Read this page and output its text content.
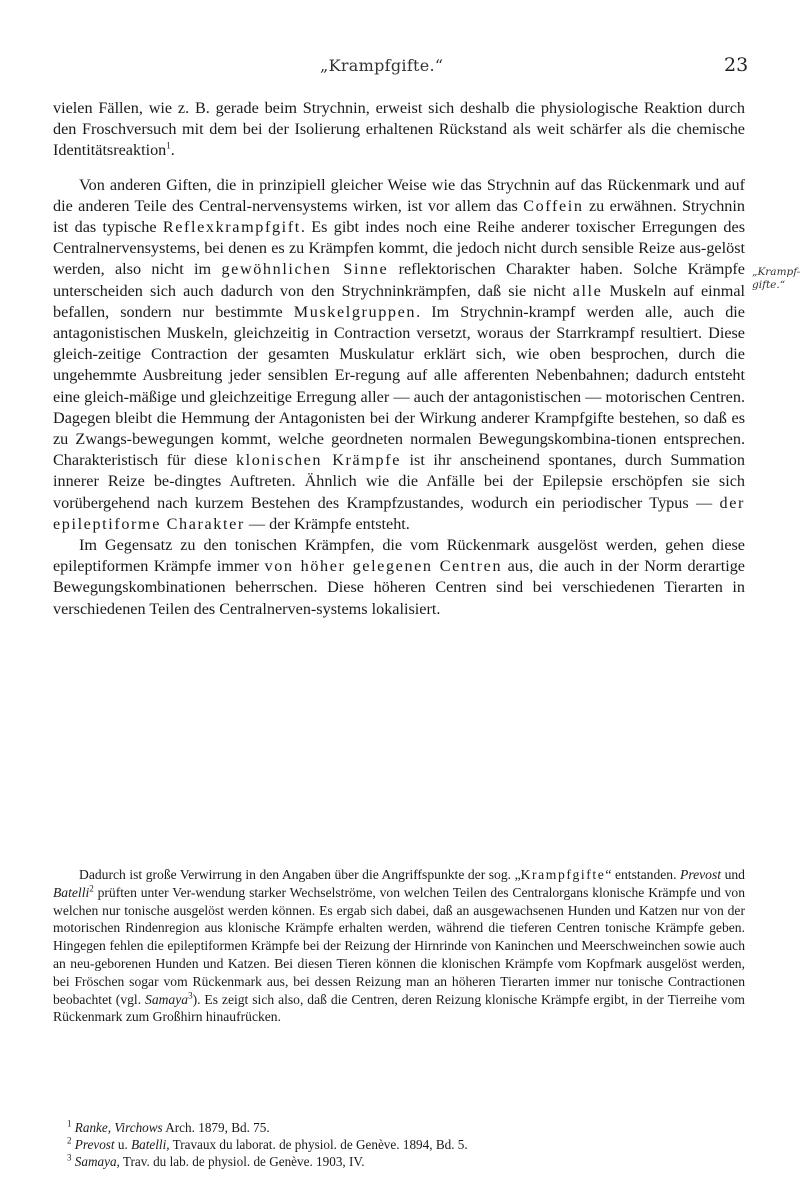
„Krampfgifte.“	23
„Krampf-gifte.“

vielen Fällen, wie z. B. gerade beim Strychnin, erweist sich deshalb die physiologische Reaktion durch den Froschversuch mit dem bei der Isolierung erhaltenen Rückstand als weit schärfer als die chemische Identitätsreaktion$^1$.

Von anderen Giften, die in prinzipiell gleicher Weise wie das Strychnin auf das Rückenmark und auf die anderen Teile des Central-nervensystems wirken, ist vor allem das Coffein zu erwähnen. Strychnin ist das typische Reflexkrampfgift. Es gibt indes noch eine Reihe anderer toxischer Erregungen des Centralnervensystems, bei denen es zu Krämpfen kommt, die jedoch nicht durch sensible Reize aus-gelöst werden, also nicht im gewöhnlichen Sinne reflektorischen Charakter haben. Solche Krämpfe unterscheiden sich auch dadurch von den Strychninkrämpfen, daß sie nicht alle Muskeln auf einmal befallen, sondern nur bestimmte Muskelgruppen. Im Strychnin-krampf werden alle, auch die antagonistischen Muskeln, gleichzeitig in Contraction versetzt, woraus der Starrkrampf resultiert. Diese gleich-zeitige Contraction der gesamten Muskulatur erklärt sich, wie oben besprochen, durch die ungehemmte Ausbreitung jeder sensiblen Er-regung auf alle afferenten Nebenbahnen; dadurch entsteht eine gleich-mäßige und gleichzeitige Erregung aller — auch der antagonistischen — motorischen Centren. Dagegen bleibt die Hemmung der Antagonisten bei der Wirkung anderer Krampfgifte bestehen, so daß es zu Zwangs-bewegungen kommt, welche geordneten normalen Bewegungskombina-tionen entsprechen. Charakteristisch für diese klonischen Krämpfe ist ihr anscheinend spontanes, durch Summation innerer Reize be-dingtes Auftreten. Ähnlich wie die Anfälle bei der Epilepsie erschöpfen sie sich vorübergehend nach kurzem Bestehen des Krampfzustandes, wodurch ein periodischer Typus — der epileptiforme Charakter — der Krämpfe entsteht.

Im Gegensatz zu den tonischen Krämpfen, die vom Rückenmark ausgelöst werden, gehen diese epileptiformen Krämpfe immer von höher gelegenen Centren aus, die auch in der Norm derartige Bewegungskombinationen beherrschen. Diese höheren Centren sind bei verschiedenen Tierarten in verschiedenen Teilen des Centralnerven-systems lokalisiert.

Dadurch ist große Verwirrung in den Angaben über die Angriffspunkte der sog. „Krampfgifte“ entstanden. Prevost und Batelli$^2$ prüften unter Ver-wendung starker Wechselströme, von welchen Teilen des Centralorgans klonische Krämpfe und von welchen nur tonische ausgelöst werden können. Es ergab sich dabei, daß an ausgewachsenen Hunden und Katzen nur von der motorischen Rindenregion aus klonische Krämpfe erhalten werden, während die tieferen Centren tonische Krämpfe geben. Hingegen fehlen die epileptiformen Krämpfe bei der Reizung der Hirnrinde von Kaninchen und Meerschweinchen sowie auch an neu-geborenen Hunden und Katzen. Bei diesen Tieren können die klonischen Krämpfe vom Kopfmark ausgelöst werden, bei Fröschen sogar vom Rückenmark aus, bei dessen Reizung man an höheren Tierarten immer nur tonische Contractionen beobachtet (vgl. Samaya$^3$). Es zeigt sich also, daß die Centren, deren Reizung klonische Krämpfe ergibt, in der Tierreihe vom Rückenmark zum Großhirn hinaufrücken.

$^1$ Ranke, Virchows Arch. 1879, Bd. 75.

$^2$ Prevost u. Batelli, Travaux du laborat. de physiol. de Genève. 1894, Bd. 5.

$^3$ Samaya, Trav. du lab. de physiol. de Genève. 1903, IV.
